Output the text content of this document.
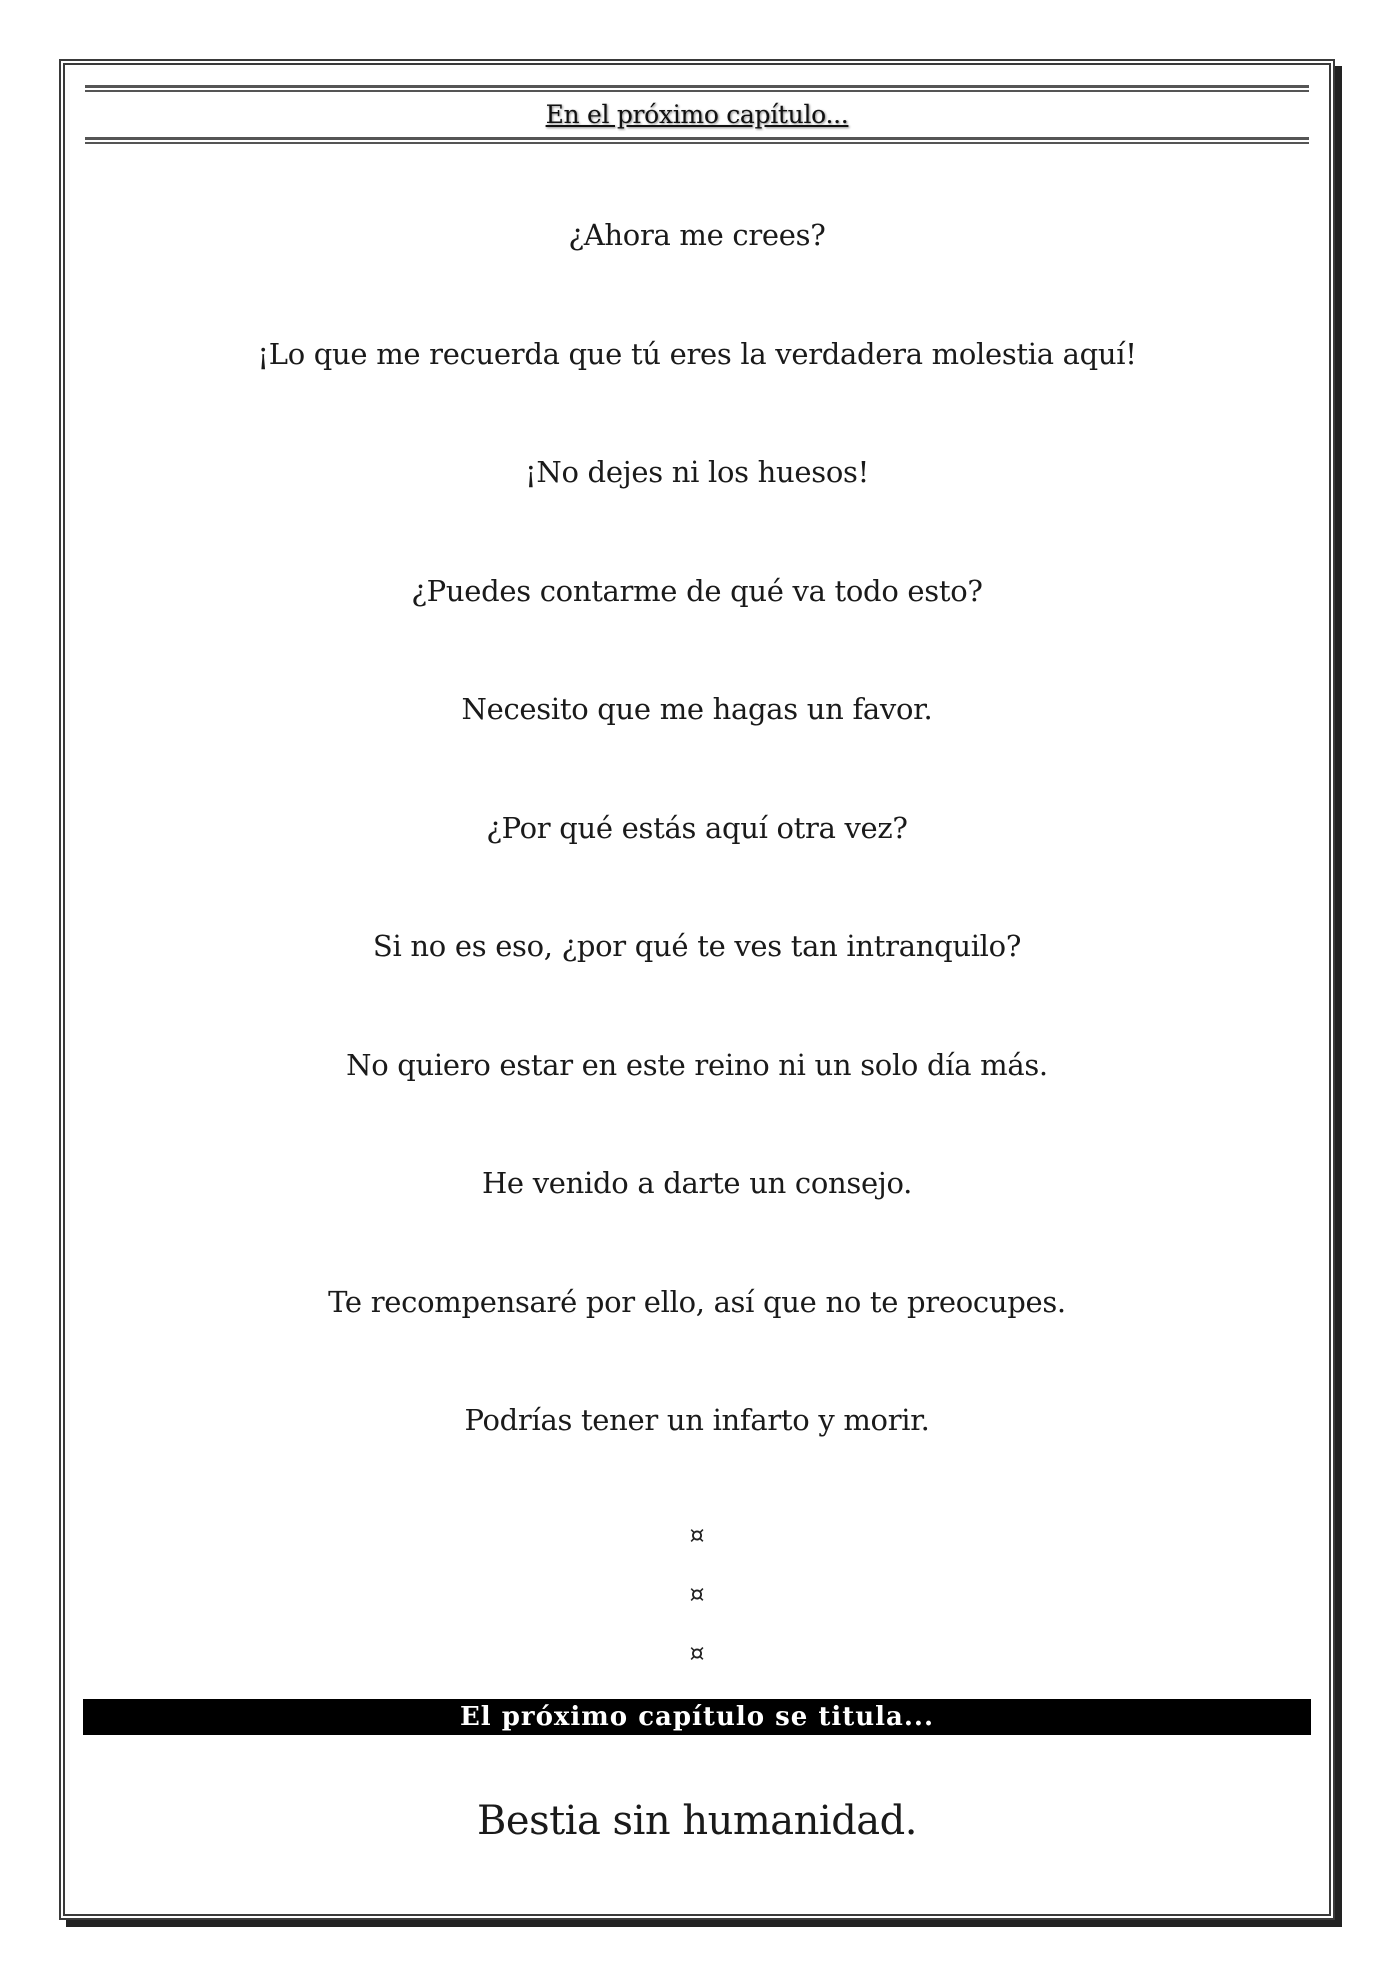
En el próximo capítulo...
¿Ahora me crees?
¡Lo que me recuerda que tú eres la verdadera molestia aquí!
¡No dejes ni los huesos!
¿Puedes contarme de qué va todo esto?
Necesito que me hagas un favor.
¿Por qué estás aquí otra vez?
Si no es eso, ¿por qué te ves tan intranquilo?
No quiero estar en este reino ni un solo día más.
He venido a darte un consejo.
Te recompensaré por ello, así que no te preocupes.
Podrías tener un infarto y morir.
¤
¤
¤
El próximo capítulo se titula...
Bestia sin humanidad.
